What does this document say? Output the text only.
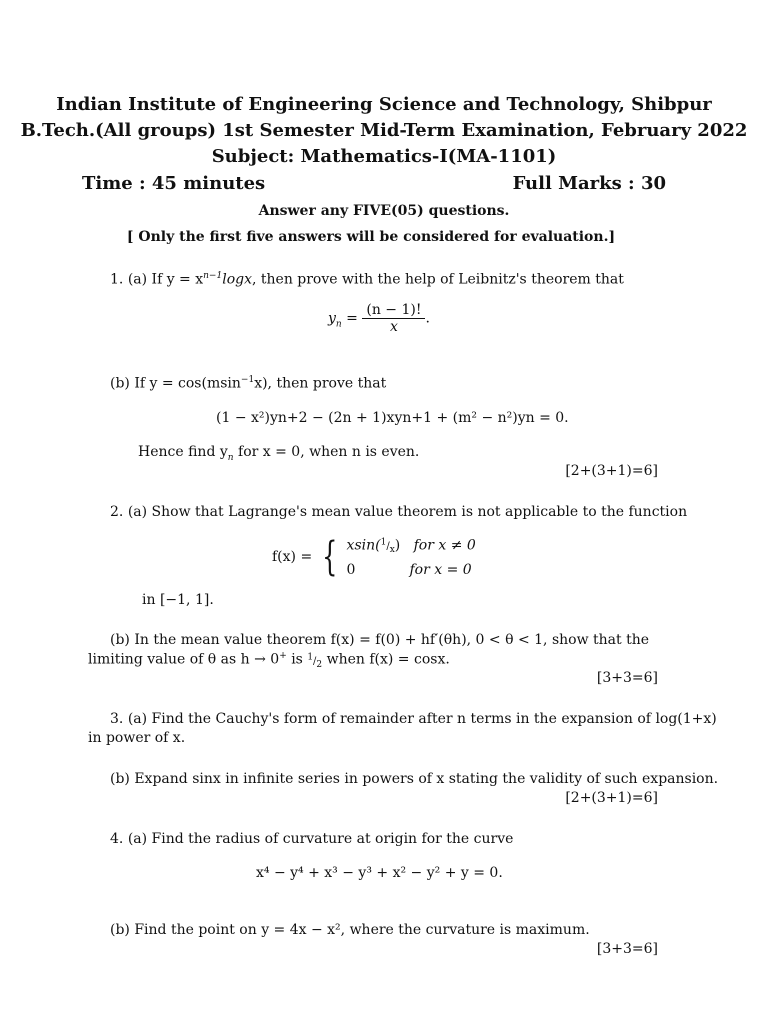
Indian Institute of Engineering Science and Technology, Shibpur
B.Tech.(All groups) 1st Semester Mid-Term Examination, February 2022
Subject: Mathematics-I(MA-1101)
Time : 45 minutes	Full Marks : 30
Answer any FIVE(05) questions.
[ Only the first five answers will be considered for evaluation.]
1. (a) If $y = x^{n-1}\log x$, then prove with the help of Leibnitz's theorem that
$y_n = \frac{(n - 1)!}{x}$ .
(b) If y = cos(msin$^{-1}$x), then prove that
(1 − x²)yn+2 − (2n + 1)xyn+1 + (m² − n²)yn = 0.
Hence find $y_n$ for x = 0, when n is even.
[2+(3+1)=6]
2. (a) Show that Lagrange's mean value theorem is not applicable to the function
f(x) = { $xsin(^1/_x)$   for x ≠ 0
0	for x = 0
in [−1, 1].
(b) In the mean value theorem f(x) = f(0) + hf′(θh), 0 < θ < 1, show that the
limiting value of θ as h → 0+ is $^1/_2$ when f(x) = cosx.
[3+3=6]
3. (a) Find the Cauchy's form of remainder after n terms in the expansion of log(1+x)
in power of x.
(b) Expand sinx in infinite series in powers of x stating the validity of such expansion.
[2+(3+1)=6]
4. (a) Find the radius of curvature at origin for the curve
x⁴ − y⁴ + x³ − y³ + x² − y² + y = 0.
(b) Find the point on y = 4x − x², where the curvature is maximum.
[3+3=6]
